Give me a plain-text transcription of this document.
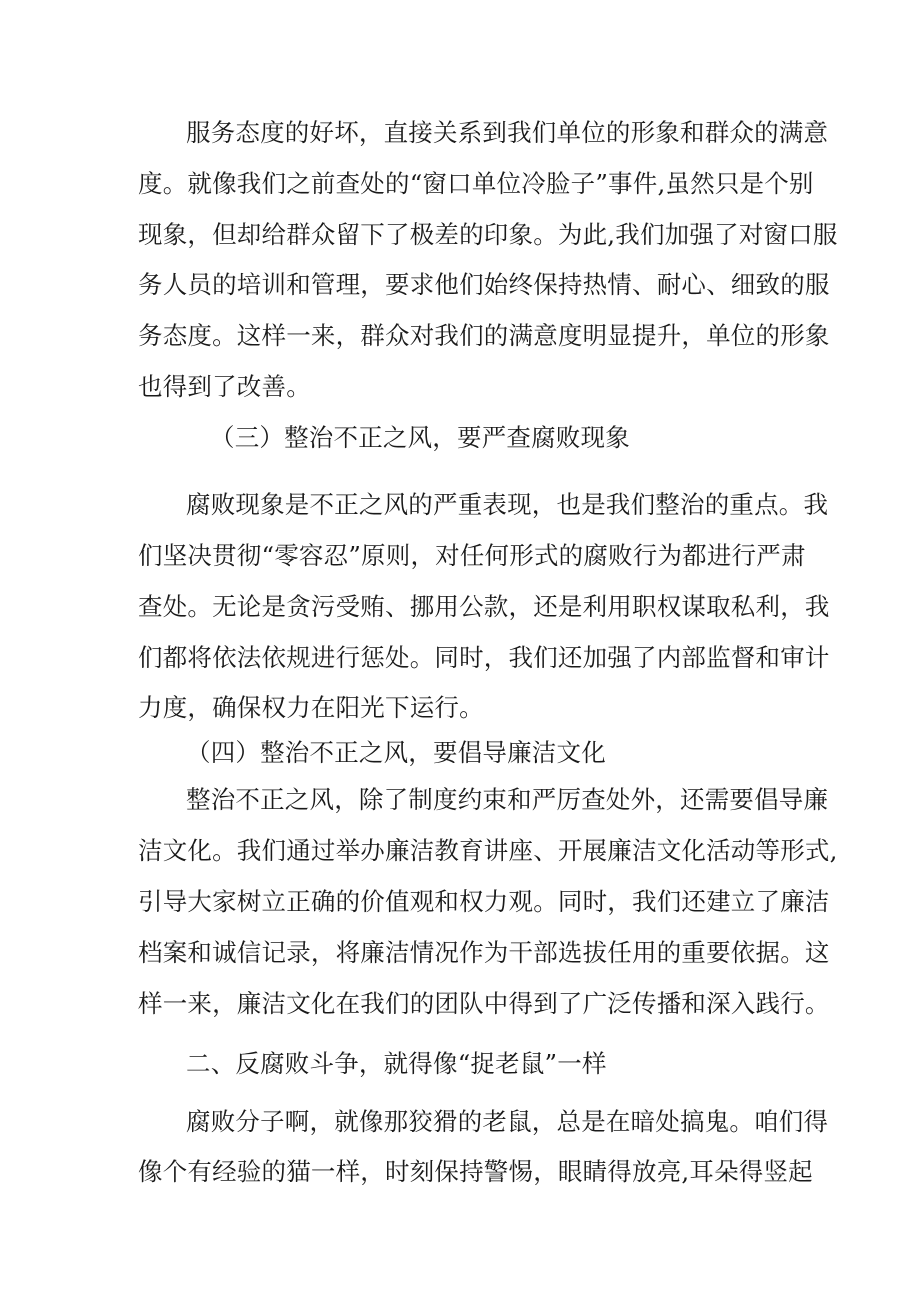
服务态度的好坏，直接关系到我们单位的形象和群众的满意
度。就像我们之前查处的“窗口单位冷脸子”事件,虽然只是个别
现象，但却给群众留下了极差的印象。为此,我们加强了对窗口服
务人员的培训和管理，要求他们始终保持热情、耐心、细致的服
务态度。这样一来，群众对我们的满意度明显提升，单位的形象
也得到了改善。
（三）整治不正之风，要严查腐败现象
腐败现象是不正之风的严重表现，也是我们整治的重点。我
们坚决贯彻“零容忍”原则，对任何形式的腐败行为都进行严肃
查处。无论是贪污受贿、挪用公款，还是利用职权谋取私利，我
们都将依法依规进行惩处。同时，我们还加强了内部监督和审计
力度，确保权力在阳光下运行。
（四）整治不正之风，要倡导廉洁文化
整治不正之风，除了制度约束和严厉查处外，还需要倡导廉
洁文化。我们通过举办廉洁教育讲座、开展廉洁文化活动等形式,
引导大家树立正确的价值观和权力观。同时，我们还建立了廉洁
档案和诚信记录，将廉洁情况作为干部选拔任用的重要依据。这
样一来，廉洁文化在我们的团队中得到了广泛传播和深入践行。
二、反腐败斗争，就得像“捉老鼠”一样
腐败分子啊，就像那狡猾的老鼠，总是在暗处搞鬼。咱们得
像个有经验的猫一样，时刻保持警惕，眼睛得放亮,耳朵得竖起
